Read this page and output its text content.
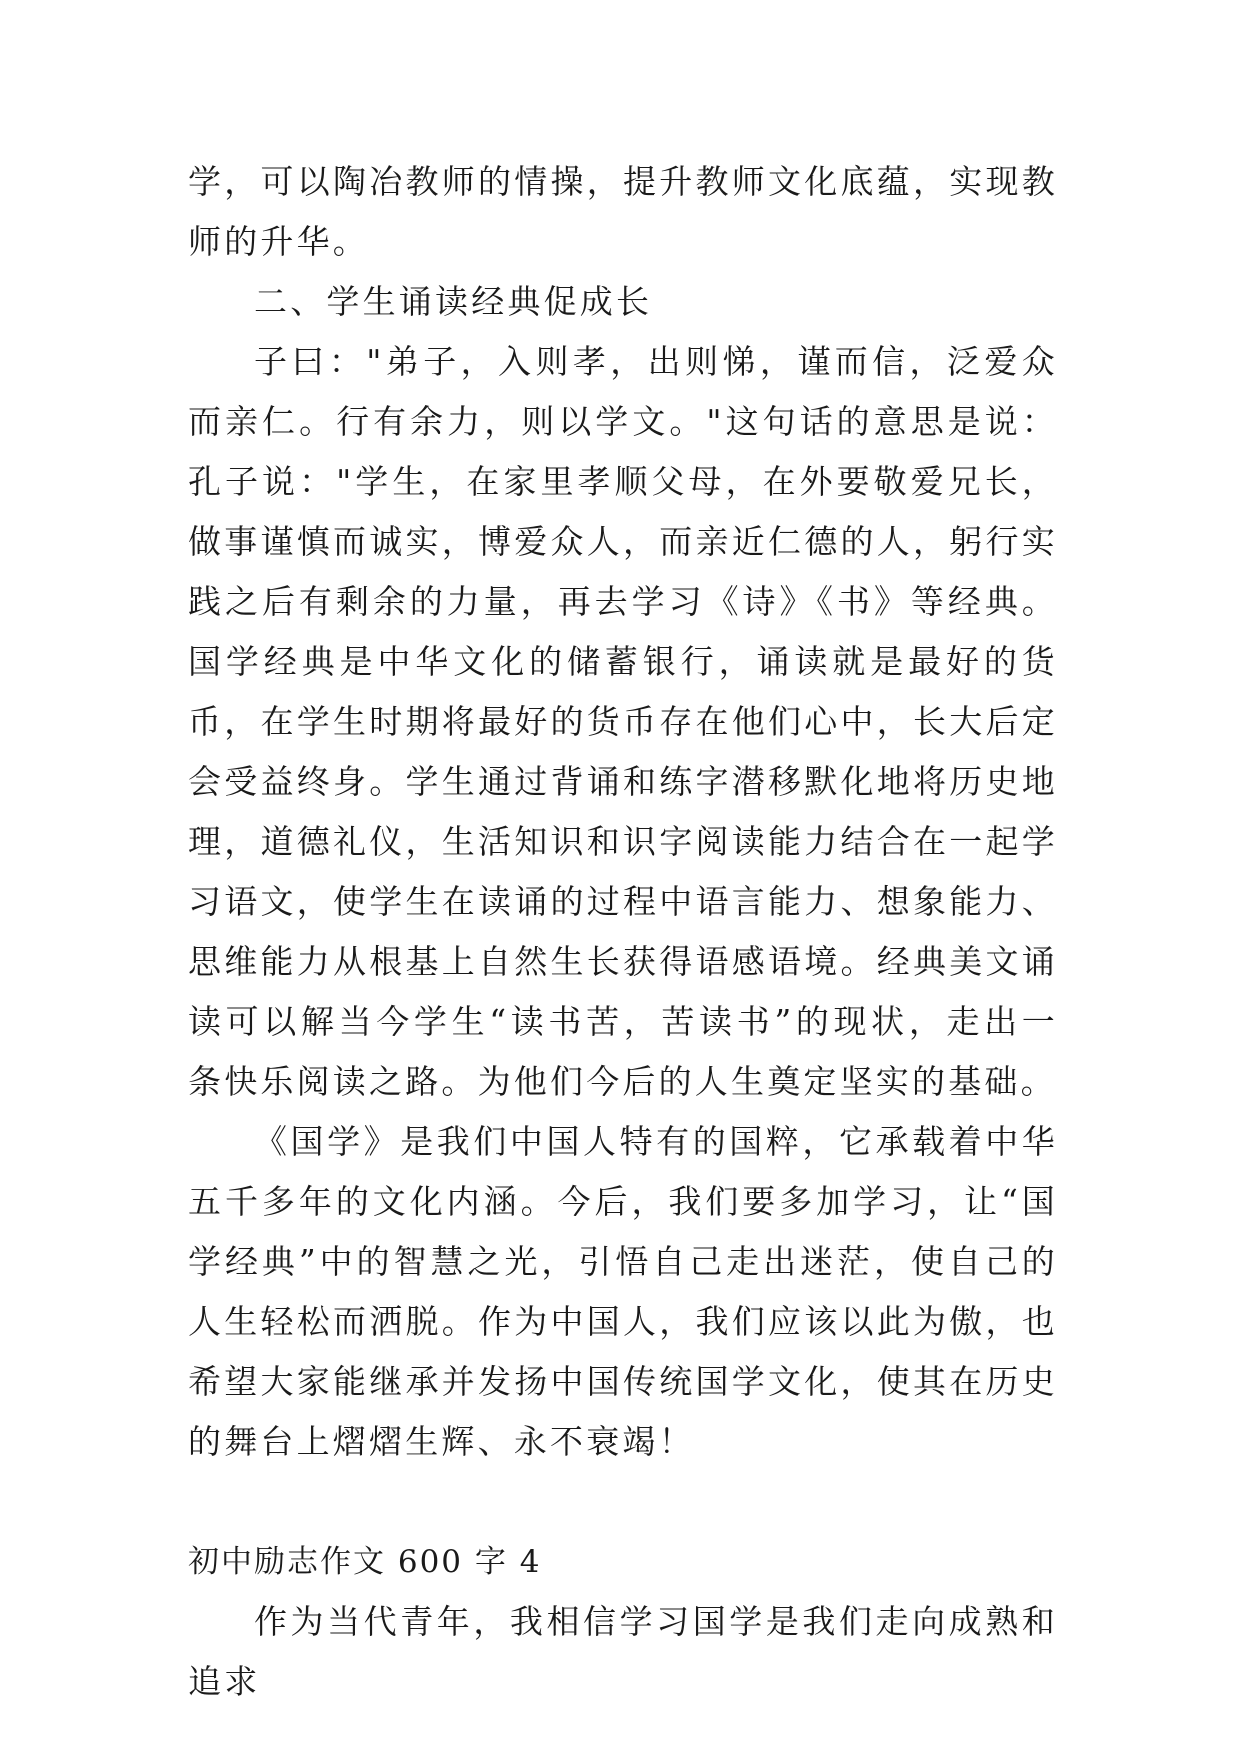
学，可以陶冶教师的情操，提升教师文化底蕴，实现教师的升华。

二、学生诵读经典促成长

子曰："弟子，入则孝，出则悌，谨而信，泛爱众而亲仁。行有余力，则以学文。"这句话的意思是说：孔子说："学生，在家里孝顺父母，在外要敬爱兄长，做事谨慎而诚实，博爱众人，而亲近仁德的人，躬行实践之后有剩余的力量，再去学习《诗》《书》等经典。国学经典是中华文化的储蓄银行，诵读就是最好的货币，在学生时期将最好的货币存在他们心中，长大后定会受益终身。学生通过背诵和练字潜移默化地将历史地理，道德礼仪，生活知识和识字阅读能力结合在一起学习语文，使学生在读诵的过程中语言能力、想象能力、思维能力从根基上自然生长获得语感语境。经典美文诵读可以解当今学生“读书苦，苦读书”的现状，走出一条快乐阅读之路。为他们今后的人生奠定坚实的基础。

《国学》是我们中国人特有的国粹，它承载着中华五千多年的文化内涵。今后，我们要多加学习，让“国学经典”中的智慧之光，引悟自己走出迷茫，使自己的人生轻松而洒脱。作为中国人，我们应该以此为傲，也希望大家能继承并发扬中国传统国学文化，使其在历史的舞台上熠熠生辉、永不衰竭！

初中励志作文 600 字 4

作为当代青年，我相信学习国学是我们走向成熟和追求
